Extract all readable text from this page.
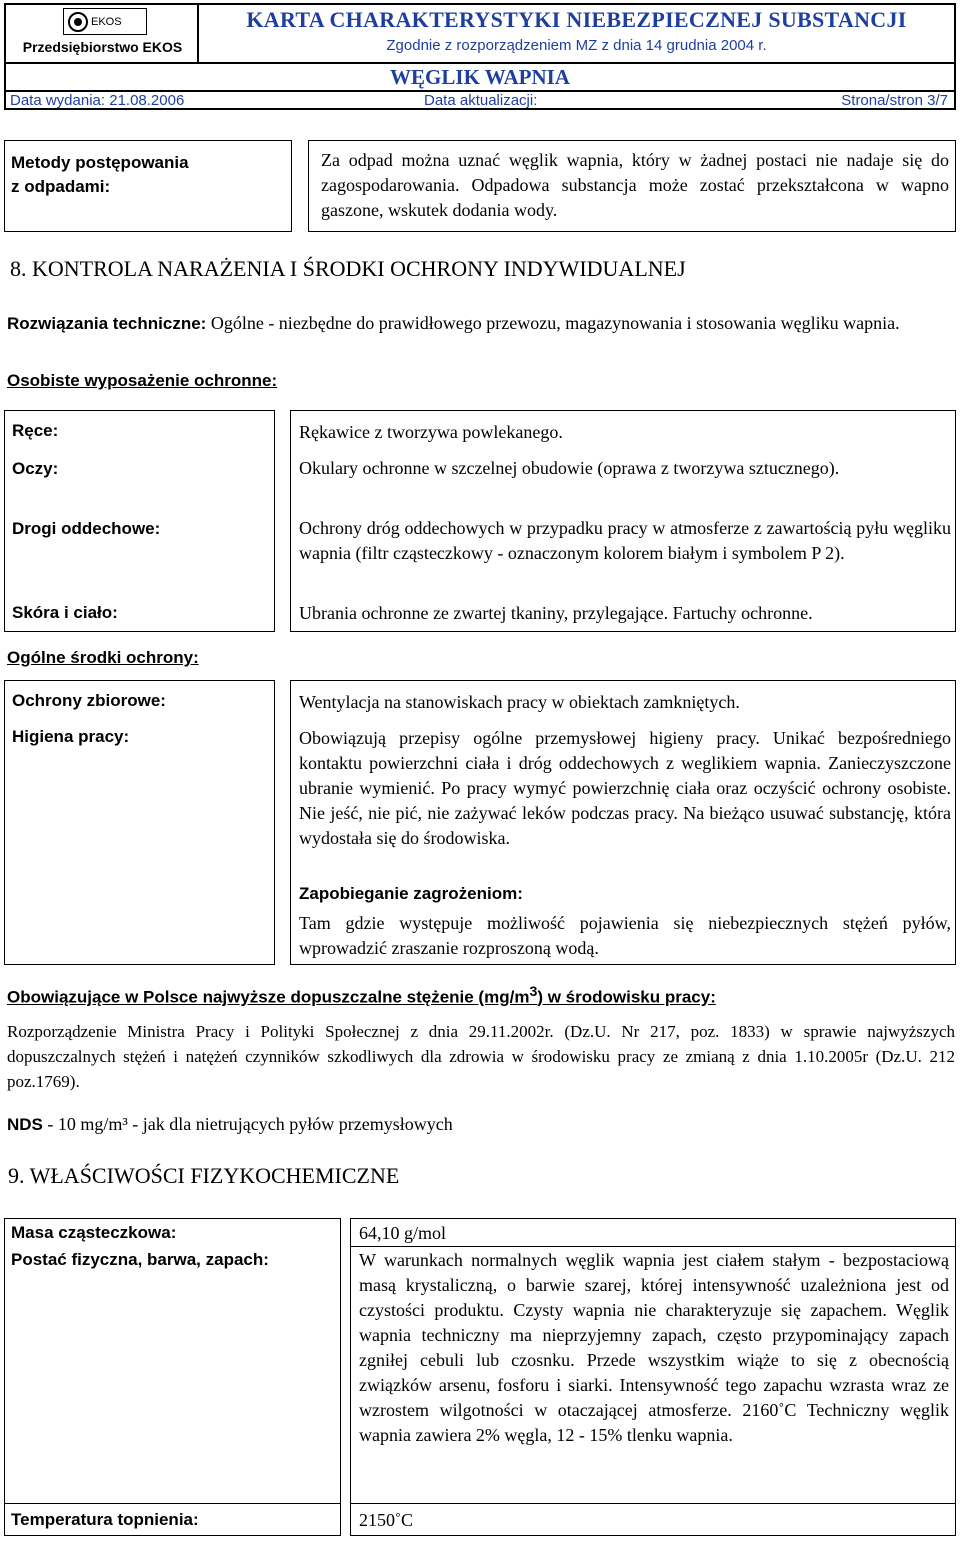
EKOS
Przedsiębiorstwo EKOS
KARTA CHARAKTERYSTYKI NIEBEZPIECZNEJ SUBSTANCJI
Zgodnie z rozporządzeniem MZ z dnia 14 grudnia 2004 r.
WĘGLIK WAPNIA
Data wydania: 21.08.2006	Data aktualizacji:	Strona/stron 3/7
Metody postępowania
z odpadami:
Za odpad można uznać węglik wapnia, który w żadnej postaci nie nadaje się do zagospodarowania. Odpadowa substancja może zostać przekształcona w wapno gaszone, wskutek dodania wody.
8. KONTROLA NARAŻENIA I ŚRODKI OCHRONY INDYWIDUALNEJ
Rozwiązania techniczne: Ogólne - niezbędne do prawidłowego przewozu, magazynowania i stosowania węgliku wapnia.
Osobiste wyposażenie ochronne:
Ręce:
Oczy:
Drogi oddechowe:
Skóra i ciało:
Rękawice z tworzywa powlekanego.
Okulary ochronne w szczelnej obudowie (oprawa z tworzywa sztucznego).
Ochrony dróg oddechowych w przypadku pracy w atmosferze z zawartością pyłu węgliku wapnia (filtr cząsteczkowy - oznaczonym kolorem białym i symbolem P 2).
Ubrania ochronne ze zwartej tkaniny, przylegające. Fartuchy ochronne.
Ogólne środki ochrony:
Ochrony zbiorowe:
Higiena pracy:
Wentylacja na stanowiskach pracy w obiektach zamkniętych.
Obowiązują przepisy ogólne przemysłowej higieny pracy. Unikać bezpośredniego kontaktu powierzchni ciała i dróg oddechowych z weglikiem wapnia. Zanieczyszczone ubranie wymienić. Po pracy wymyć powierzchnię ciała oraz oczyścić ochrony osobiste. Nie jeść, nie pić, nie zażywać leków podczas pracy. Na bieżąco usuwać substancję, która wydostała się do środowiska.
Zapobieganie zagrożeniom:
Tam gdzie występuje możliwość pojawienia się niebezpiecznych stężeń pyłów, wprowadzić zraszanie rozproszoną wodą.
Obowiązujące w Polsce najwyższe dopuszczalne stężenie $(mg/m^3)$ w środowisku pracy:
Rozporządzenie Ministra Pracy i Polityki Społecznej z dnia 29.11.2002r. (Dz.U. Nr 217, poz. 1833) w sprawie najwyższych dopuszczalnych stężeń i natężeń czynników szkodliwych dla zdrowia w środowisku pracy ze zmianą z dnia 1.10.2005r (Dz.U. 212 poz.1769).
NDS - 10 mg/m³ - jak dla nietrujących pyłów przemysłowych
9. WŁAŚCIWOŚCI FIZYKOCHEMICZNE
Masa cząsteczkowa:
Postać fizyczna, barwa, zapach:
Temperatura topnienia:
64,10 g/mol
W warunkach normalnych węglik wapnia jest ciałem stałym - bezpostaciową masą krystaliczną, o barwie szarej, której intensywność uzależniona jest od czystości produktu. Czysty wapnia nie charakteryzuje się zapachem. Węglik wapnia techniczny ma nieprzyjemny zapach, często przypominający zapach zgniłej cebuli lub czosnku. Przede wszystkim wiąże to się z obecnością związków arsenu, fosforu i siarki. Intensywność tego zapachu wzrasta wraz ze wzrostem wilgotności w otaczającej atmosferze. 2160˚C Techniczny węglik wapnia zawiera 2% węgla, 12 - 15% tlenku wapnia.
2150˚C
